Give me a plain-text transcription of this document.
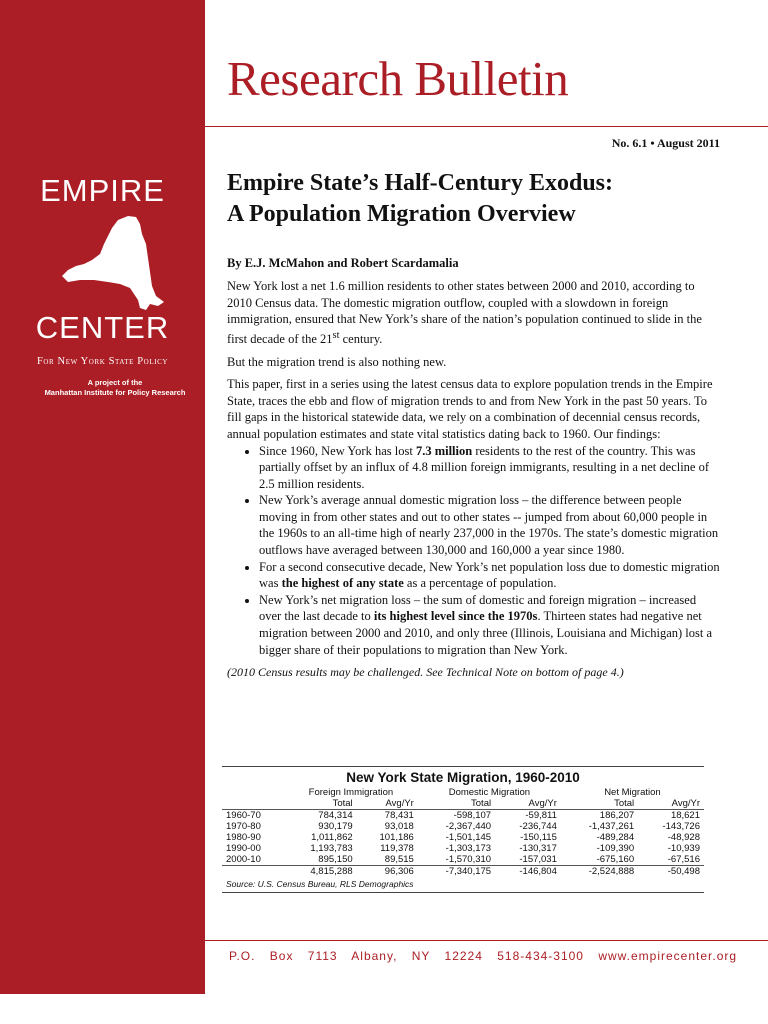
EMPIRE
CENTER
For New York State Policy
A project of the
Manhattan Institute for Policy Research
Research Bulletin
No. 6.1 • August 2011
Empire State’s Half-Century Exodus:
A Population Migration Overview
By E.J. McMahon and Robert Scardamalia

New York lost a net 1.6 million residents to other states between 2000 and 2010, according to 2010 Census data. The domestic migration outflow, coupled with a slowdown in foreign immigration, ensured that New York’s share of the nation’s population continued to slide in the first decade of the 21st century.

But the migration trend is also nothing new.

This paper, first in a series using the latest census data to explore population trends in the Empire State, traces the ebb and flow of migration trends to and from New York in the past 50 years. To fill gaps in the historical statewide data, we rely on a combination of decennial census records, annual population estimates and state vital statistics dating back to 1960. Our findings:

• Since 1960, New York has lost 7.3 million residents to the rest of the country. This was partially offset by an influx of 4.8 million foreign immigrants, resulting in a net decline of 2.5 million residents.
• New York’s average annual domestic migration loss – the difference between people moving in from other states and out to other states -- jumped from about 60,000 people in the 1960s to an all-time high of nearly 237,000 in the 1970s. The state’s domestic migration outflows have averaged between 130,000 and 160,000 a year since 1980.
• For a second consecutive decade, New York’s net population loss due to domestic migration was the highest of any state as a percentage of population.
• New York’s net migration loss – the sum of domestic and foreign migration – increased over the last decade to its highest level since the 1970s. Thirteen states had negative net migration between 2000 and 2010, and only three (Illinois, Louisiana and Michigan) lost a bigger share of their populations to migration than New York.

(2010 Census results may be challenged. See Technical Note on bottom of page 4.)

New York State Migration, 1960-2010
	Foreign Immigration		Domestic Migration		Net Migration	
	Total	Avg/Yr	Total	Avg/Yr	Total	Avg/Yr
1960-70	784,314	78,431	-598,107	-59,811	186,207	18,621
1970-80	930,179	93,018	-2,367,440	-236,744	-1,437,261	-143,726
1980-90	1,011,862	101,186	-1,501,145	-150,115	-489,284	-48,928
1990-00	1,193,783	119,378	-1,303,173	-130,317	-109,390	-10,939
2000-10	895,150	89,515	-1,570,310	-157,031	-675,160	-67,516
	4,815,288	96,306	-7,340,175	-146,804	-2,524,888	-50,498
Source: U.S. Census Bureau, RLS Demographics
P.O. Box 7113 Albany, NY 12224 518-434-3100 www.empirecenter.org
